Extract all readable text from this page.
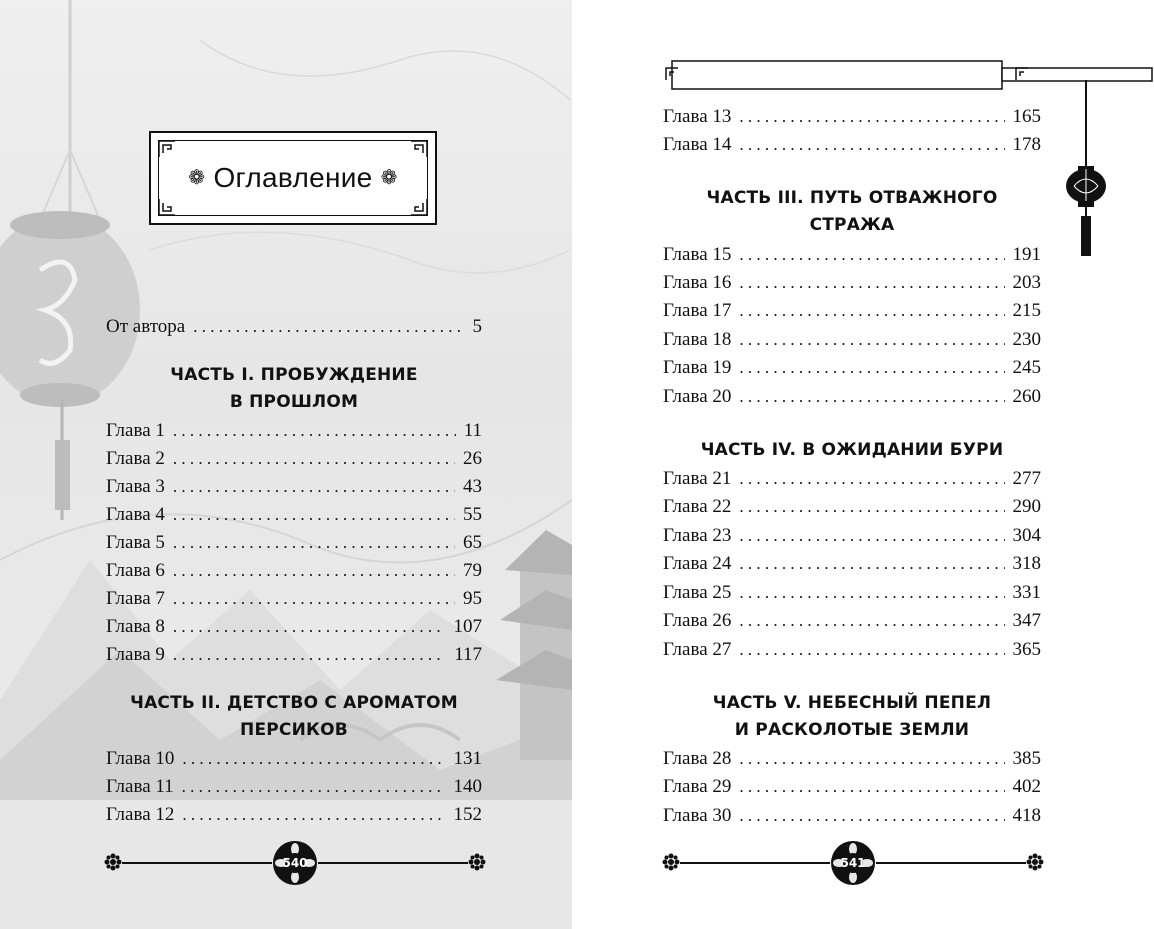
❁ Оглавление ❁
От автора . . .	5
ЧАСТЬ I. ПРОБУЖДЕНИЕ
В ПРОШЛОМ
Глава 1 . . .	11
Глава 2 . . .	26
Глава 3 . . .	43
Глава 4 . . .	55
Глава 5 . . .	65
Глава 6 . . .	79
Глава 7 . . .	95
Глава 8 . . .	107
Глава 9 . . .	117
ЧАСТЬ II. ДЕТСТВО С АРОМАТОМ
ПЕРСИКОВ
Глава 10 . . .	131
Глава 11 . . .	140
Глава 12 . . .	152
540
Глава 13 . . .	165
Глава 14 . . .	178
ЧАСТЬ III. ПУТЬ ОТВАЖНОГО
СТРАЖА
Глава 15 . . .	191
Глава 16 . . .	203
Глава 17 . . .	215
Глава 18 . . .	230
Глава 19 . . .	245
Глава 20 . . .	260
ЧАСТЬ IV. В ОЖИДАНИИ БУРИ
Глава 21 . . .	277
Глава 22 . . .	290
Глава 23 . . .	304
Глава 24 . . .	318
Глава 25 . . .	331
Глава 26 . . .	347
Глава 27 . . .	365
ЧАСТЬ V. НЕБЕСНЫЙ ПЕПЕЛ
И РАСКОЛОТЫЕ ЗЕМЛИ
Глава 28 . . .	385
Глава 29 . . .	402
Глава 30 . . .	418
541
